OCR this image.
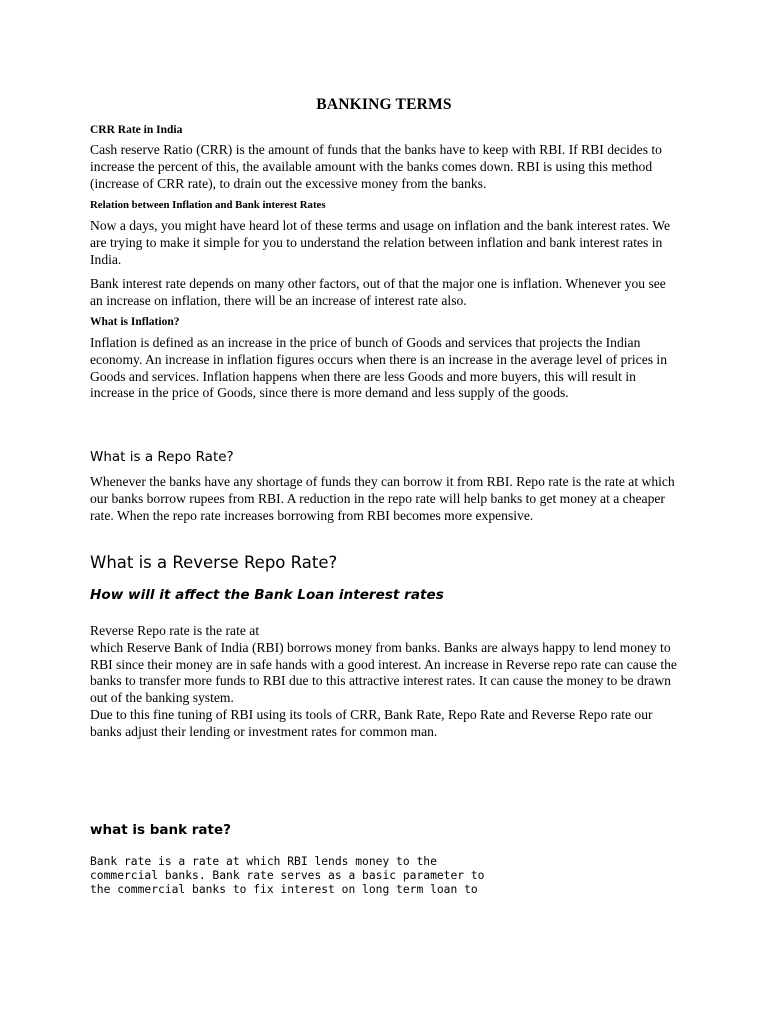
BANKING TERMS

CRR Rate in India

Cash reserve Ratio (CRR) is the amount of funds that the banks have to keep with RBI. If RBI decides to increase the percent of this, the available amount with the banks comes down. RBI is using this method (increase of CRR rate), to drain out the excessive money from the banks.

Relation between Inflation and Bank interest Rates

Now a days, you might have heard lot of these terms and usage on inflation and the bank interest rates. We are trying to make it simple for you to understand the relation between inflation and bank interest rates in India.

Bank interest rate depends on many other factors, out of that the major one is inflation. Whenever you see an increase on inflation, there will be an increase of interest rate also.

What is Inflation?

Inflation is defined as an increase in the price of bunch of Goods and services that projects the Indian economy. An increase in inflation figures occurs when there is an increase in the average level of prices in Goods and services. Inflation happens when there are less Goods and more buyers, this will result in increase in the price of Goods, since there is more demand and less supply of the goods.

What is a Repo Rate?

Whenever the banks have any shortage of funds they can borrow it from RBI. Repo rate is the rate at which our banks borrow rupees from RBI. A reduction in the repo rate will help banks to get money at a cheaper rate. When the repo rate increases borrowing from RBI becomes more expensive.

What is a Reverse Repo Rate?

How will it affect the Bank Loan interest rates

Reverse Repo rate is the rate at

which Reserve Bank of India (RBI) borrows money from banks. Banks are always happy to lend money to RBI since their money are in safe hands with a good interest. An increase in Reverse repo rate can cause the banks to transfer more funds to RBI due to this attractive interest rates. It can cause the money to be drawn out of the banking system.

Due to this fine tuning of RBI using its tools of CRR, Bank Rate, Repo Rate and Reverse Repo rate our banks adjust their lending or investment rates for common man.

what is bank rate?

Bank rate is a rate at which RBI lends money to the

commercial banks. Bank rate serves as a basic parameter to

the commercial banks to fix interest on long term loan to
